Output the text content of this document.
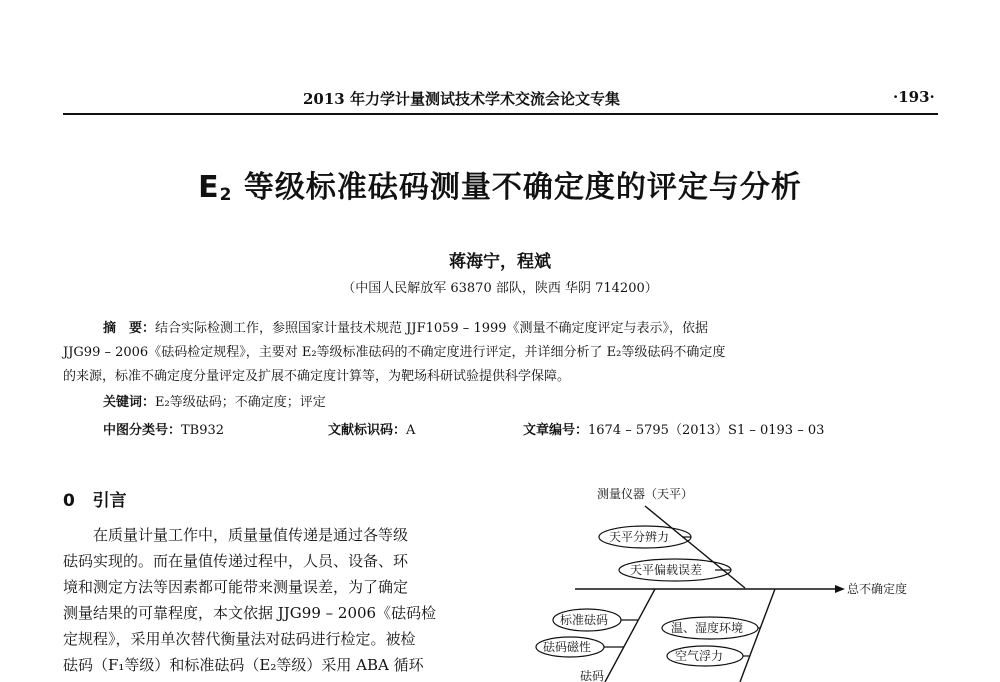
2013 年力学计量测试技术学术交流会论文专集	·193·
$E_2$ 等级标准砝码测量不确定度的评定与分析
蒋海宁，程斌
（中国人民解放军 63870 部队，陕西 华阴 714200）
摘　要：结合实际检测工作，参照国家计量技术规范 JJF1059 – 1999《测量不确定度评定与表示》，依据
JJG99 – 2006《砝码检定规程》，主要对 E₂等级标准砝码的不确定度进行评定，并详细分析了 E₂等级砝码不确定度
的来源，标准不确定度分量评定及扩展不确定度计算等，为靶场科研试验提供科学保障。
关键词：E₂等级砝码；不确定度；评定
中图分类号：TB932	文献标识码：A	文章编号：1674 – 5795（2013）S1 – 0193 – 03
0 引言
　　在质量计量工作中，质量量值传递是通过各等级
砝码实现的。而在量值传递过程中，人员、设备、环
境和测定方法等因素都可能带来测量误差，为了确定
测量结果的可靠程度，本文依据 JJG99 – 2006《砝码检
定规程》，采用单次替代衡量法对砝码进行检定。被检
砝码（F₁等级）和标准砝码（E₂等级）采用 ABA 循环
测量仪器（天平）
天平分辨力
天平偏载误差
总不确定度
标准砝码
砝码磁性
砝码
温、湿度环境
空气浮力
